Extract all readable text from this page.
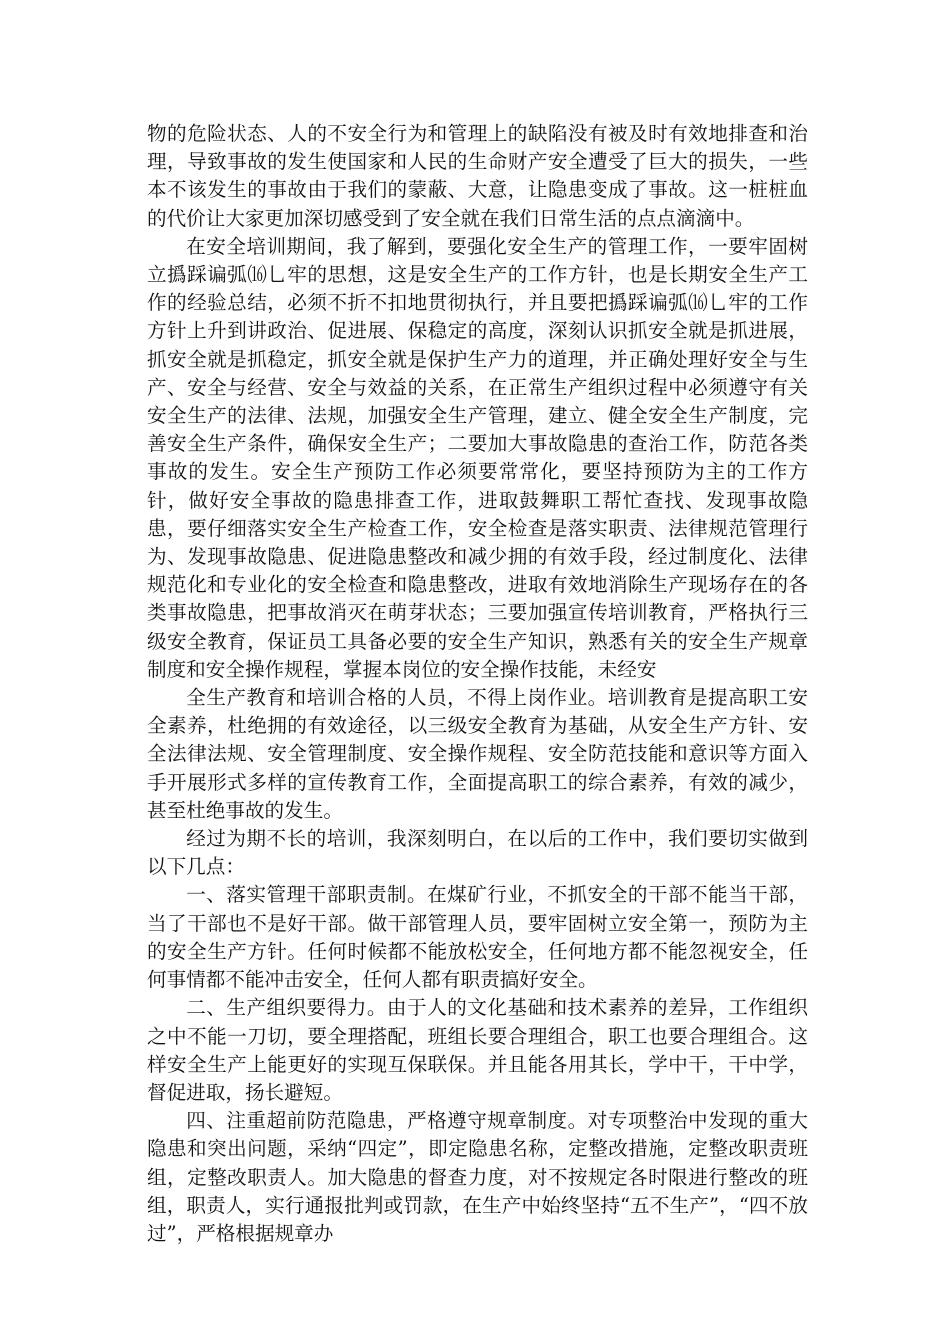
物的危险状态、人的不安全行为和管理上的缺陷没有被及时有效地排查和治理，导致事故的发生使国家和人民的生命财产安全遭受了巨大的损失，一些本不该发生的事故由于我们的蒙蔽、大意，让隐患变成了事故。这一桩桩血的代价让大家更加深切感受到了安全就在我们日常生活的点点滴滴中。

在安全培训期间，我了解到，要强化安全生产的管理工作，一要牢固树立撝踩谝弧⒃乚牢的思想，这是安全生产的工作方针，也是长期安全生产工作的经验总结，必须不折不扣地贯彻执行，并且要把撝踩谝弧⒃乚牢的工作方针上升到讲政治、促进展、保稳定的高度，深刻认识抓安全就是抓进展，抓安全就是抓稳定，抓安全就是保护生产力的道理，并正确处理好安全与生产、安全与经营、安全与效益的关系，在正常生产组织过程中必须遵守有关安全生产的法律、法规，加强安全生产管理，建立、健全安全生产制度，完善安全生产条件，确保安全生产；二要加大事故隐患的查治工作，防范各类事故的发生。安全生产预防工作必须要常常化，要坚持预防为主的工作方针，做好安全事故的隐患排查工作，进取鼓舞职工帮忙查找、发现事故隐患，要仔细落实安全生产检查工作，安全检查是落实职责、法律规范管理行为、发现事故隐患、促进隐患整改和减少拥的有效手段，经过制度化、法律规范化和专业化的安全检查和隐患整改，进取有效地消除生产现场存在的各类事故隐患，把事故消灭在萌芽状态；三要加强宣传培训教育，严格执行三级安全教育，保证员工具备必要的安全生产知识，熟悉有关的安全生产规章制度和安全操作规程，掌握本岗位的安全操作技能，未经安

全生产教育和培训合格的人员，不得上岗作业。培训教育是提高职工安全素养，杜绝拥的有效途径，以三级安全教育为基础，从安全生产方针、安全法律法规、安全管理制度、安全操作规程、安全防范技能和意识等方面入手开展形式多样的宣传教育工作，全面提高职工的综合素养，有效的减少，甚至杜绝事故的发生。

经过为期不长的培训，我深刻明白，在以后的工作中，我们要切实做到以下几点：

一、落实管理干部职责制。在煤矿行业，不抓安全的干部不能当干部，当了干部也不是好干部。做干部管理人员，要牢固树立安全第一，预防为主的安全生产方针。任何时候都不能放松安全，任何地方都不能忽视安全，任何事情都不能冲击安全，任何人都有职责搞好安全。

二、生产组织要得力。由于人的文化基础和技术素养的差异，工作组织之中不能一刀切，要全理搭配，班组长要合理组合，职工也要合理组合。这样安全生产上能更好的实现互保联保。并且能各用其长，学中干，干中学，督促进取，扬长避短。

四、注重超前防范隐患，严格遵守规章制度。对专项整治中发现的重大隐患和突出问题，采纳“四定”，即定隐患名称，定整改措施，定整改职责班组，定整改职责人。加大隐患的督查力度，对不按规定各时限进行整改的班组，职责人，实行通报批判或罚款，在生产中始终坚持“五不生产”，“四不放过”，严格根据规章办
